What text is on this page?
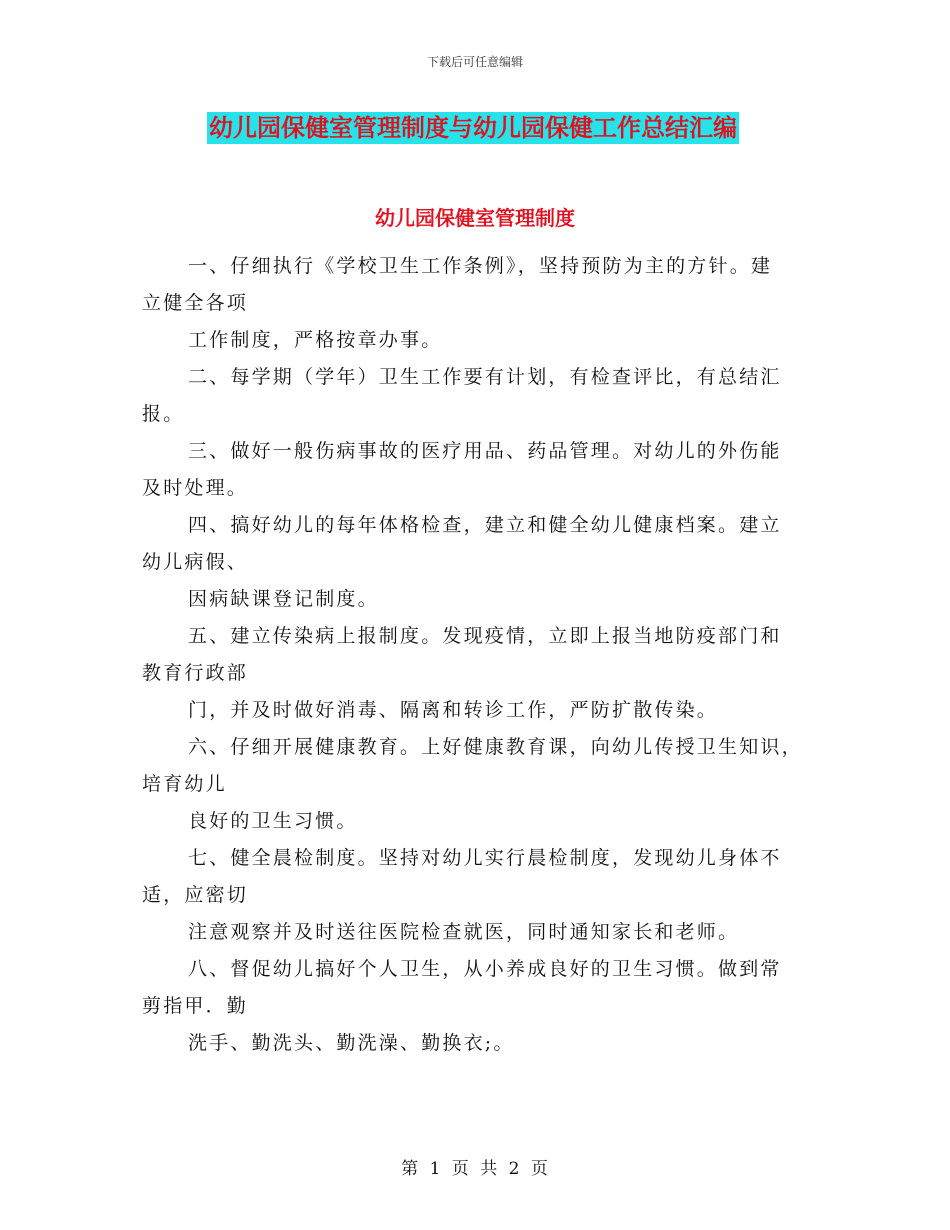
下载后可任意编辑
幼儿园保健室管理制度与幼儿园保健工作总结汇编
幼儿园保健室管理制度
一、仔细执行《学校卫生工作条例》，坚持预防为主的方针。建
立健全各项
工作制度，严格按章办事。
二、每学期（学年）卫生工作要有计划，有检查评比，有总结汇
报。
三、做好一般伤病事故的医疗用品、药品管理。对幼儿的外伤能
及时处理。
四、搞好幼儿的每年体格检查，建立和健全幼儿健康档案。建立
幼儿病假、
因病缺课登记制度。
五、建立传染病上报制度。发现疫情，立即上报当地防疫部门和
教育行政部
门，并及时做好消毒、隔离和转诊工作，严防扩散传染。
六、仔细开展健康教育。上好健康教育课，向幼儿传授卫生知识，
培育幼儿
良好的卫生习惯。
七、健全晨检制度。坚持对幼儿实行晨检制度，发现幼儿身体不
适，应密切
注意观察并及时送往医院检查就医，同时通知家长和老师。
八、督促幼儿搞好个人卫生，从小养成良好的卫生习惯。做到常
剪指甲．勤
洗手、勤洗头、勤洗澡、勤换衣;。
第 1 页 共 2 页
